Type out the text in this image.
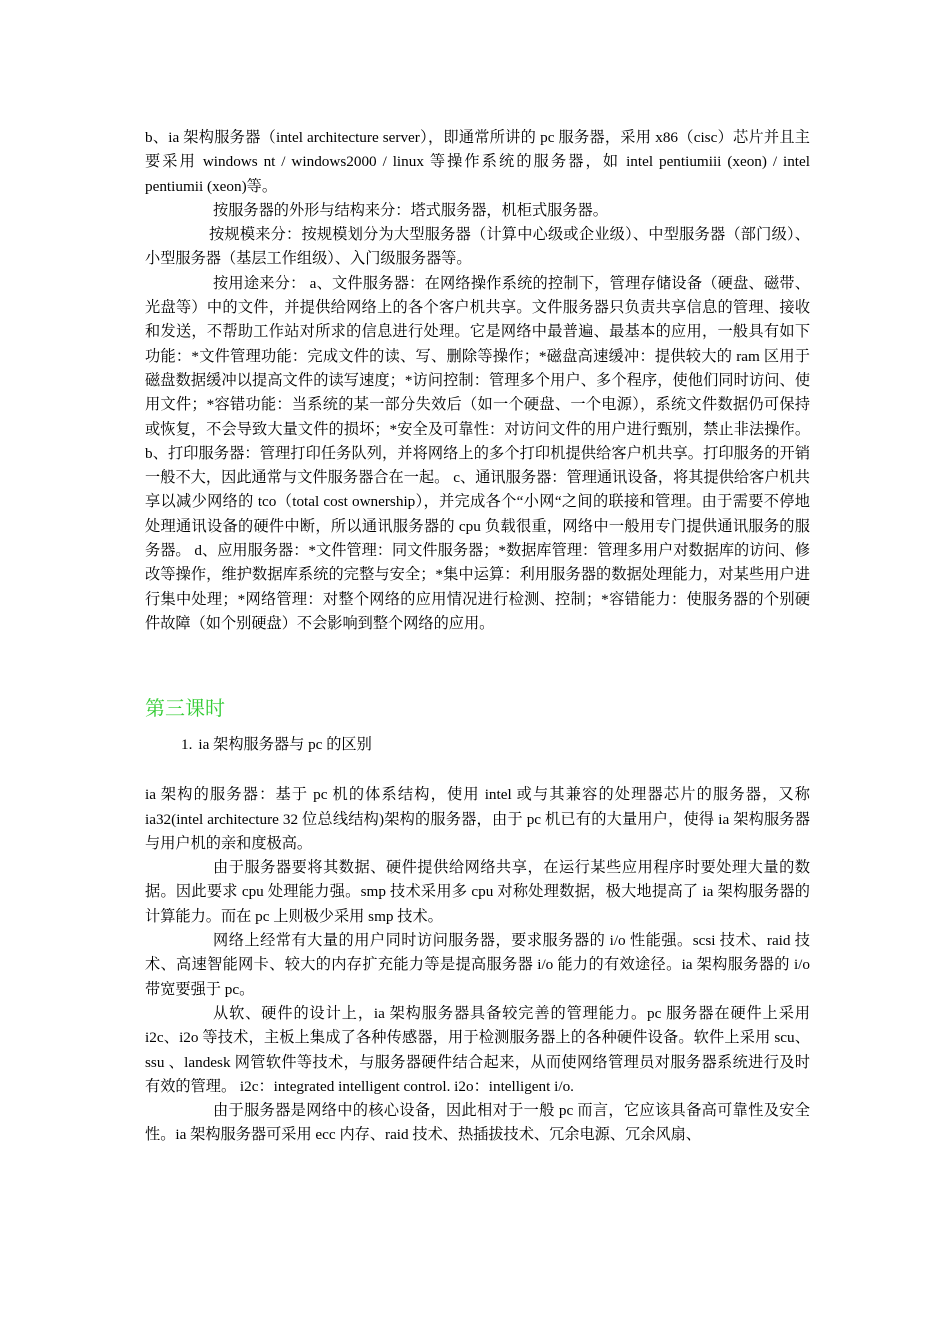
b、ia 架构服务器（intel architecture server），即通常所讲的 pc 服务器，采用 x86（cisc）芯片并且主要采用 windows nt / windows2000 / linux 等操作系统的服务器，如 intel pentiumiii (xeon) / intel pentiumii (xeon)等。

按服务器的外形与结构来分：塔式服务器，机柜式服务器。

按规模来分：按规模划分为大型服务器（计算中心级或企业级）、中型服务器（部门级）、小型服务器（基层工作组级）、入门级服务器等。

按用途来分： a、文件服务器：在网络操作系统的控制下，管理存储设备（硬盘、磁带、光盘等）中的文件，并提供给网络上的各个客户机共享。文件服务器只负责共享信息的管理、接收和发送，不帮助工作站对所求的信息进行处理。它是网络中最普遍、最基本的应用，一般具有如下功能：*文件管理功能：完成文件的读、写、删除等操作；*磁盘高速缓冲：提供较大的 ram 区用于磁盘数据缓冲以提高文件的读写速度；*访问控制：管理多个用户、多个程序，使他们同时访问、使用文件；*容错功能：当系统的某一部分失效后（如一个硬盘、一个电源），系统文件数据仍可保持或恢复，不会导致大量文件的损坏；*安全及可靠性：对访问文件的用户进行甄别，禁止非法操作。 b、打印服务器：管理打印任务队列，并将网络上的多个打印机提供给客户机共享。打印服务的开销一般不大，因此通常与文件服务器合在一起。 c、通讯服务器：管理通讯设备，将其提供给客户机共享以减少网络的 tco（total cost ownership），并完成各个“小网“之间的联接和管理。由于需要不停地处理通讯设备的硬件中断，所以通讯服务器的 cpu 负载很重，网络中一般用专门提供通讯服务的服务器。 d、应用服务器：*文件管理：同文件服务器；*数据库管理：管理多用户对数据库的访问、修改等操作，维护数据库系统的完整与安全；*集中运算：利用服务器的数据处理能力，对某些用户进行集中处理；*网络管理：对整个网络的应用情况进行检测、控制；*容错能力：使服务器的个别硬件故障（如个别硬盘）不会影响到整个网络的应用。

第三课时
1. ia 架构服务器与 pc 的区别

ia 架构的服务器：基于 pc 机的体系结构，使用 intel 或与其兼容的处理器芯片的服务器，又称 ia32(intel architecture 32 位总线结构)架构的服务器，由于 pc 机已有的大量用户，使得 ia 架构服务器与用户机的亲和度极高。

由于服务器要将其数据、硬件提供给网络共享，在运行某些应用程序时要处理大量的数据。因此要求 cpu 处理能力强。smp 技术采用多 cpu 对称处理数据，极大地提高了 ia 架构服务器的计算能力。而在 pc 上则极少采用 smp 技术。

网络上经常有大量的用户同时访问服务器，要求服务器的 i/o 性能强。scsi 技术、raid 技术、高速智能网卡、较大的内存扩充能力等是提高服务器 i/o 能力的有效途径。ia 架构服务器的 i/o 带宽要强于 pc。

从软、硬件的设计上，ia 架构服务器具备较完善的管理能力。pc 服务器在硬件上采用 i2c、i2o 等技术，主板上集成了各种传感器，用于检测服务器上的各种硬件设备。软件上采用 scu、ssu 、landesk 网管软件等技术，与服务器硬件结合起来，从而使网络管理员对服务器系统进行及时有效的管理。 i2c：integrated intelligent control. i2o：intelligent i/o.

由于服务器是网络中的核心设备，因此相对于一般 pc 而言，它应该具备高可靠性及安全性。ia 架构服务器可采用 ecc 内存、raid 技术、热插拔技术、冗余电源、冗余风扇、
